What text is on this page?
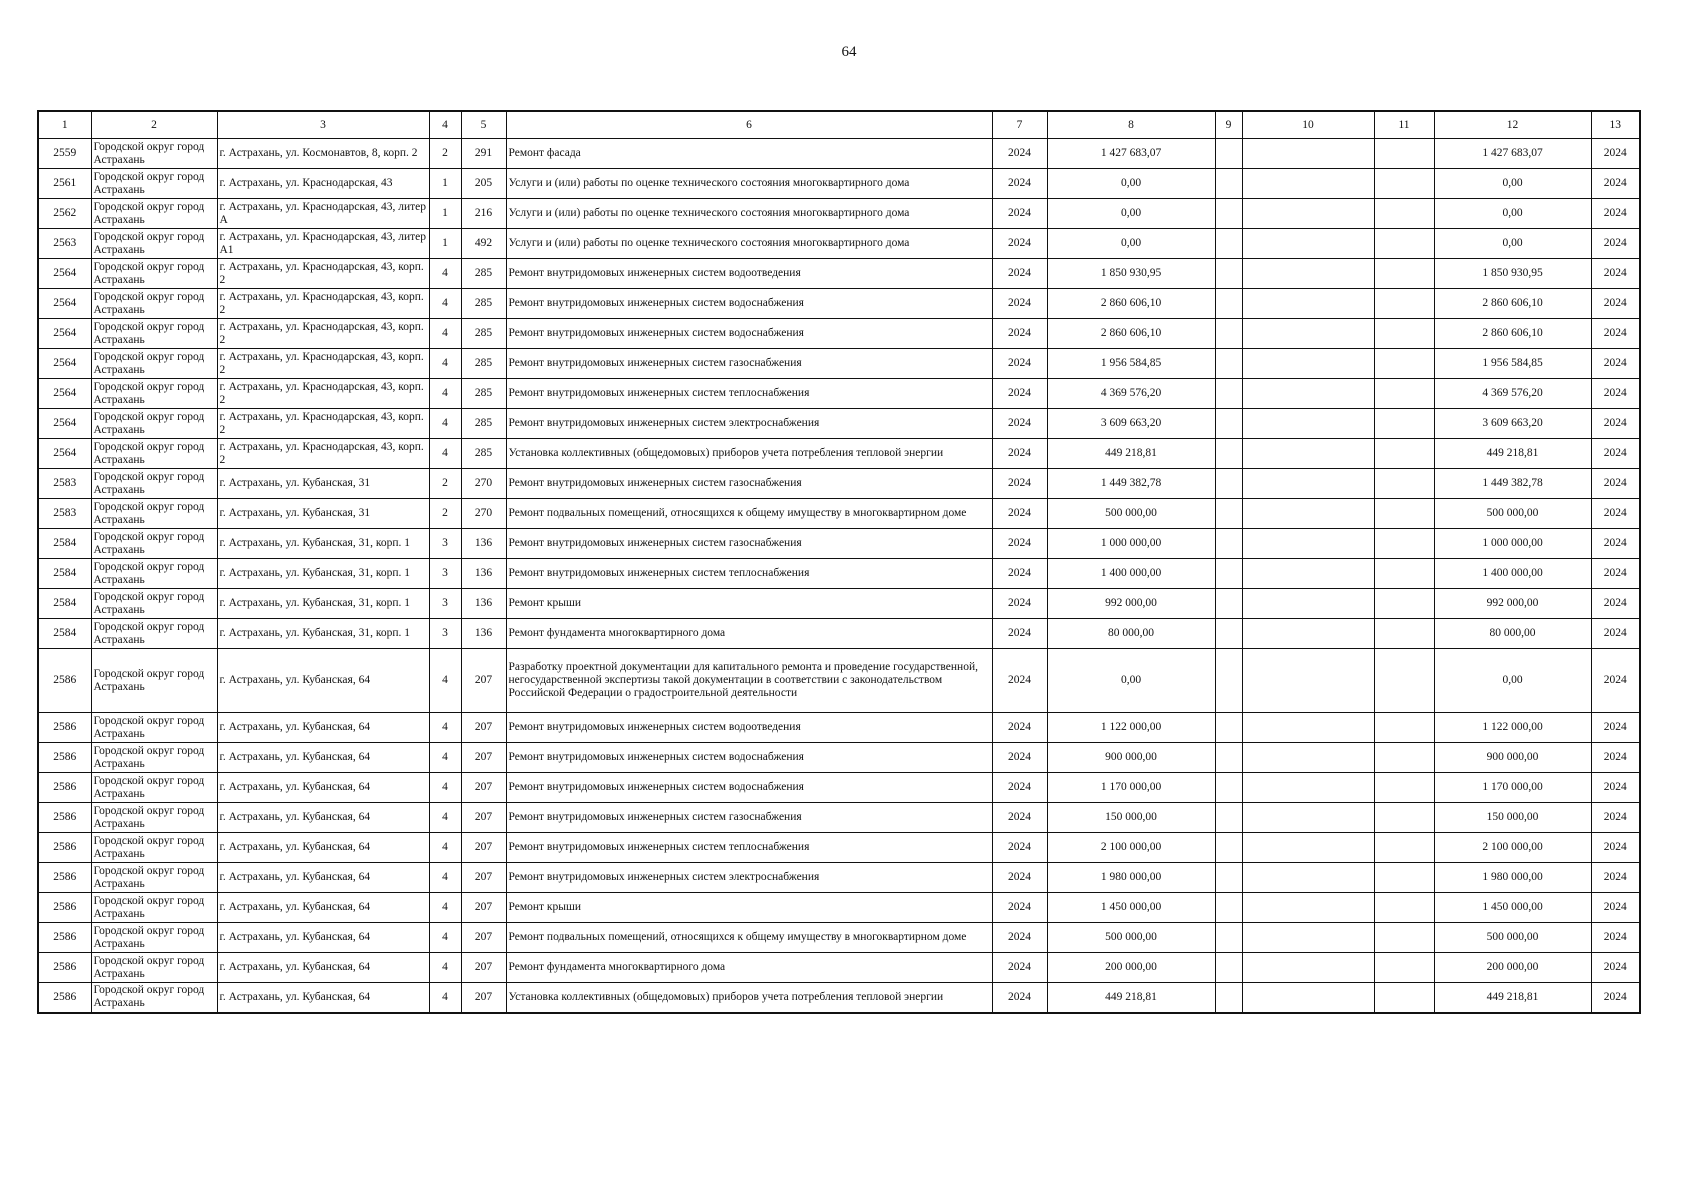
64
1	2	3	4	5	6	7	8	9	10	11	12	13
2559	Городской округ город Астрахань	г. Астрахань, ул. Космонавтов, 8, корп. 2	2	291	Ремонт фасада	2024	1 427 683,07				1 427 683,07	2024
2561	Городской округ город Астрахань	г. Астрахань, ул. Краснодарская, 43	1	205	Услуги и (или) работы по оценке технического состояния многоквартирного дома	2024	0,00				0,00	2024
2562	Городской округ город Астрахань	г. Астрахань, ул. Краснодарская, 43, литер А	1	216	Услуги и (или) работы по оценке технического состояния многоквартирного дома	2024	0,00				0,00	2024
2563	Городской округ город Астрахань	г. Астрахань, ул. Краснодарская, 43, литер А1	1	492	Услуги и (или) работы по оценке технического состояния многоквартирного дома	2024	0,00				0,00	2024
2564	Городской округ город Астрахань	г. Астрахань, ул. Краснодарская, 43, корп. 2	4	285	Ремонт внутридомовых инженерных систем водоотведения	2024	1 850 930,95				1 850 930,95	2024
2564	Городской округ город Астрахань	г. Астрахань, ул. Краснодарская, 43, корп. 2	4	285	Ремонт внутридомовых инженерных систем водоснабжения	2024	2 860 606,10				2 860 606,10	2024
2564	Городской округ город Астрахань	г. Астрахань, ул. Краснодарская, 43, корп. 2	4	285	Ремонт внутридомовых инженерных систем водоснабжения	2024	2 860 606,10				2 860 606,10	2024
2564	Городской округ город Астрахань	г. Астрахань, ул. Краснодарская, 43, корп. 2	4	285	Ремонт внутридомовых инженерных систем газоснабжения	2024	1 956 584,85				1 956 584,85	2024
2564	Городской округ город Астрахань	г. Астрахань, ул. Краснодарская, 43, корп. 2	4	285	Ремонт внутридомовых инженерных систем теплоснабжения	2024	4 369 576,20				4 369 576,20	2024
2564	Городской округ город Астрахань	г. Астрахань, ул. Краснодарская, 43, корп. 2	4	285	Ремонт внутридомовых инженерных систем электроснабжения	2024	3 609 663,20				3 609 663,20	2024
2564	Городской округ город Астрахань	г. Астрахань, ул. Краснодарская, 43, корп. 2	4	285	Установка коллективных (общедомовых) приборов учета потребления тепловой энергии	2024	449 218,81				449 218,81	2024
2583	Городской округ город Астрахань	г. Астрахань, ул. Кубанская, 31	2	270	Ремонт внутридомовых инженерных систем газоснабжения	2024	1 449 382,78				1 449 382,78	2024
2583	Городской округ город Астрахань	г. Астрахань, ул. Кубанская, 31	2	270	Ремонт подвальных помещений, относящихся к общему имуществу в многоквартирном доме	2024	500 000,00				500 000,00	2024
2584	Городской округ город Астрахань	г. Астрахань, ул. Кубанская, 31, корп. 1	3	136	Ремонт внутридомовых инженерных систем газоснабжения	2024	1 000 000,00				1 000 000,00	2024
2584	Городской округ город Астрахань	г. Астрахань, ул. Кубанская, 31, корп. 1	3	136	Ремонт внутридомовых инженерных систем теплоснабжения	2024	1 400 000,00				1 400 000,00	2024
2584	Городской округ город Астрахань	г. Астрахань, ул. Кубанская, 31, корп. 1	3	136	Ремонт крыши	2024	992 000,00				992 000,00	2024
2584	Городской округ город Астрахань	г. Астрахань, ул. Кубанская, 31, корп. 1	3	136	Ремонт фундамента многоквартирного дома	2024	80 000,00				80 000,00	2024
2586	Городской округ город Астрахань	г. Астрахань, ул. Кубанская, 64	4	207	Разработку проектной документации для капитального ремонта и проведение государственной, негосударственной экспертизы такой документации в соответствии с законодательством Российской Федерации о градостроительной деятельности	2024	0,00				0,00	2024
2586	Городской округ город Астрахань	г. Астрахань, ул. Кубанская, 64	4	207	Ремонт внутридомовых инженерных систем водоотведения	2024	1 122 000,00				1 122 000,00	2024
2586	Городской округ город Астрахань	г. Астрахань, ул. Кубанская, 64	4	207	Ремонт внутридомовых инженерных систем водоснабжения	2024	900 000,00				900 000,00	2024
2586	Городской округ город Астрахань	г. Астрахань, ул. Кубанская, 64	4	207	Ремонт внутридомовых инженерных систем водоснабжения	2024	1 170 000,00				1 170 000,00	2024
2586	Городской округ город Астрахань	г. Астрахань, ул. Кубанская, 64	4	207	Ремонт внутридомовых инженерных систем газоснабжения	2024	150 000,00				150 000,00	2024
2586	Городской округ город Астрахань	г. Астрахань, ул. Кубанская, 64	4	207	Ремонт внутридомовых инженерных систем теплоснабжения	2024	2 100 000,00				2 100 000,00	2024
2586	Городской округ город Астрахань	г. Астрахань, ул. Кубанская, 64	4	207	Ремонт внутридомовых инженерных систем электроснабжения	2024	1 980 000,00				1 980 000,00	2024
2586	Городской округ город Астрахань	г. Астрахань, ул. Кубанская, 64	4	207	Ремонт крыши	2024	1 450 000,00				1 450 000,00	2024
2586	Городской округ город Астрахань	г. Астрахань, ул. Кубанская, 64	4	207	Ремонт подвальных помещений, относящихся к общему имуществу в многоквартирном доме	2024	500 000,00				500 000,00	2024
2586	Городской округ город Астрахань	г. Астрахань, ул. Кубанская, 64	4	207	Ремонт фундамента многоквартирного дома	2024	200 000,00				200 000,00	2024
2586	Городской округ город Астрахань	г. Астрахань, ул. Кубанская, 64	4	207	Установка коллективных (общедомовых) приборов учета потребления тепловой энергии	2024	449 218,81				449 218,81	2024
